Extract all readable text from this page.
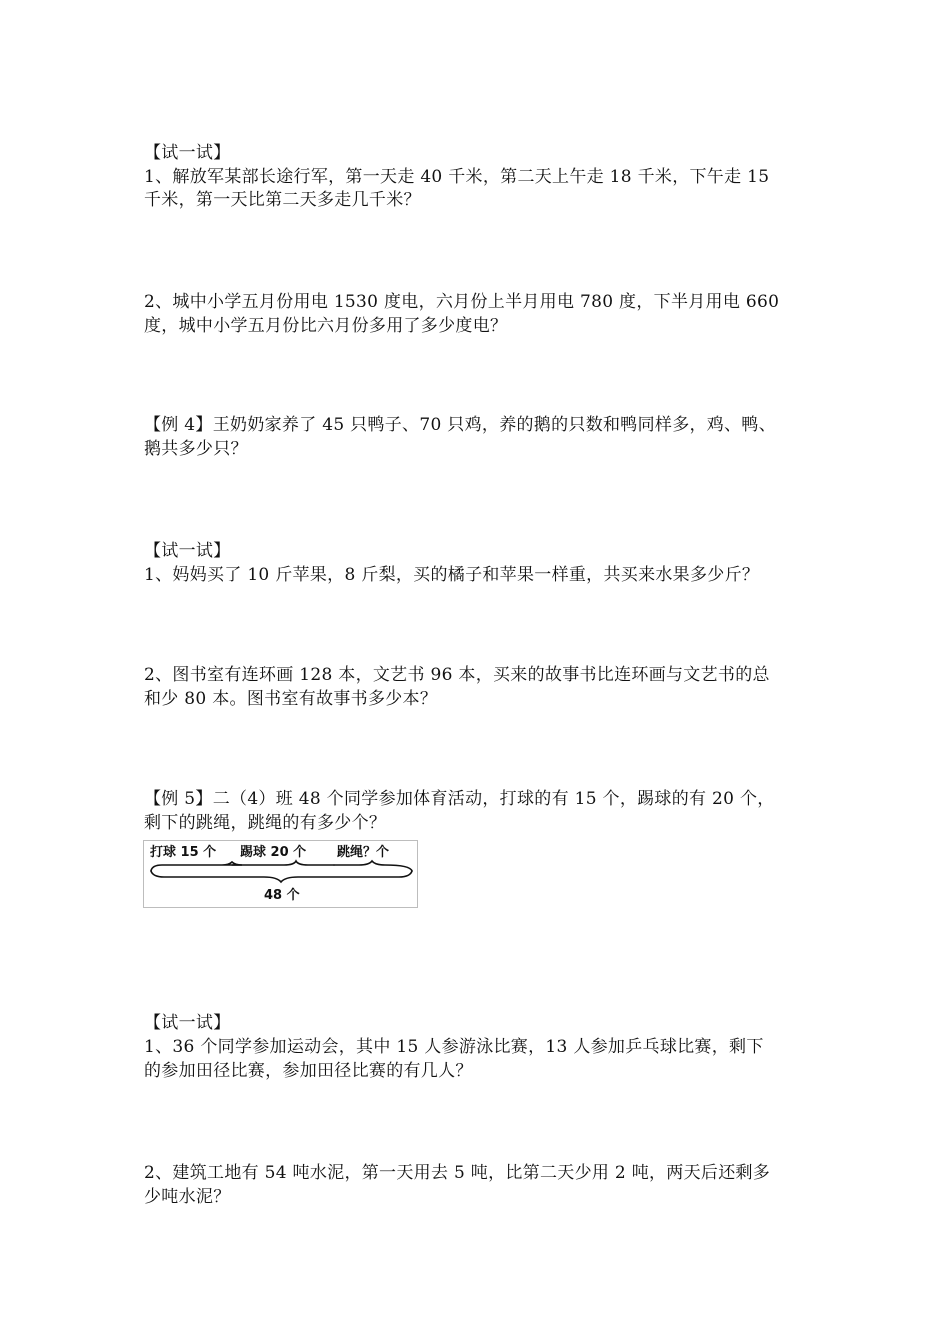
【试一试】
1、解放军某部长途行军，第一天走 40 千米，第二天上午走 18 千米，下午走 15
千米，第一天比第二天多走几千米？
2、城中小学五月份用电 1530 度电，六月份上半月用电 780 度，下半月用电 660
度，城中小学五月份比六月份多用了多少度电？
【例 4】王奶奶家养了 45 只鸭子、70 只鸡，养的鹅的只数和鸭同样多，鸡、鸭、
鹅共多少只？
【试一试】
1、妈妈买了 10 斤苹果，8 斤梨，买的橘子和苹果一样重，共买来水果多少斤？
2、图书室有连环画 128 本，文艺书 96 本，买来的故事书比连环画与文艺书的总
和少 80 本。图书室有故事书多少本？
【例 5】二（4）班 48 个同学参加体育活动，打球的有 15 个，踢球的有 20 个，
剩下的跳绳，跳绳的有多少个？
打球 15 个 踢球 20 个 跳绳？个
48 个
【试一试】
1、36 个同学参加运动会，其中 15 人参游泳比赛，13 人参加乒乓球比赛，剩下
的参加田径比赛，参加田径比赛的有几人？
2、建筑工地有 54 吨水泥，第一天用去 5 吨，比第二天少用 2 吨，两天后还剩多
少吨水泥？
